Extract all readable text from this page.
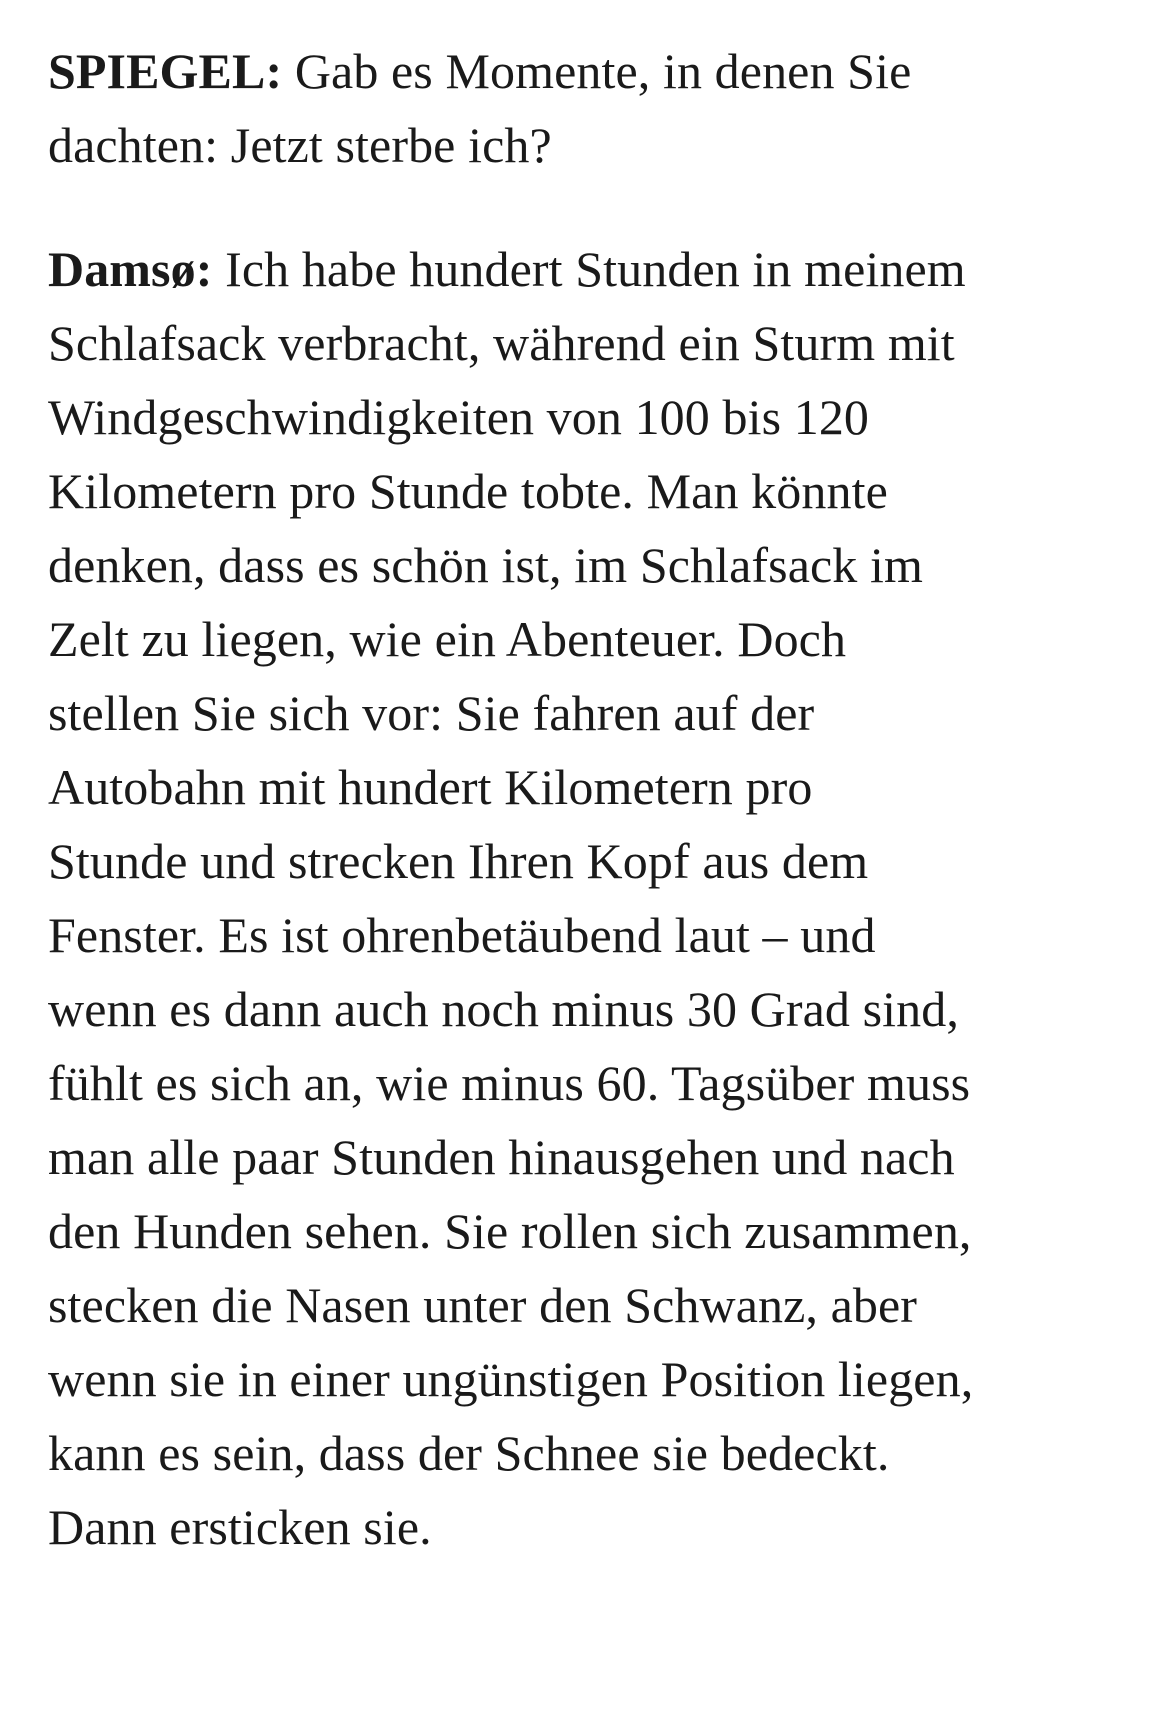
SPIEGEL: Gab es Momente, in denen Sie
dachten: Jetzt sterbe ich?

Damsø: Ich habe hundert Stunden in meinem
Schlafsack verbracht, während ein Sturm mit
Windgeschwindigkeiten von 100 bis 120
Kilometern pro Stunde tobte. Man könnte
denken, dass es schön ist, im Schlafsack im
Zelt zu liegen, wie ein Abenteuer. Doch
stellen Sie sich vor: Sie fahren auf der
Autobahn mit hundert Kilometern pro
Stunde und strecken Ihren Kopf aus dem
Fenster. Es ist ohrenbetäubend laut – und
wenn es dann auch noch minus 30 Grad sind,
fühlt es sich an, wie minus 60. Tagsüber muss
man alle paar Stunden hinausgehen und nach
den Hunden sehen. Sie rollen sich zusammen,
stecken die Nasen unter den Schwanz, aber
wenn sie in einer ungünstigen Position liegen,
kann es sein, dass der Schnee sie bedeckt.
Dann ersticken sie.
